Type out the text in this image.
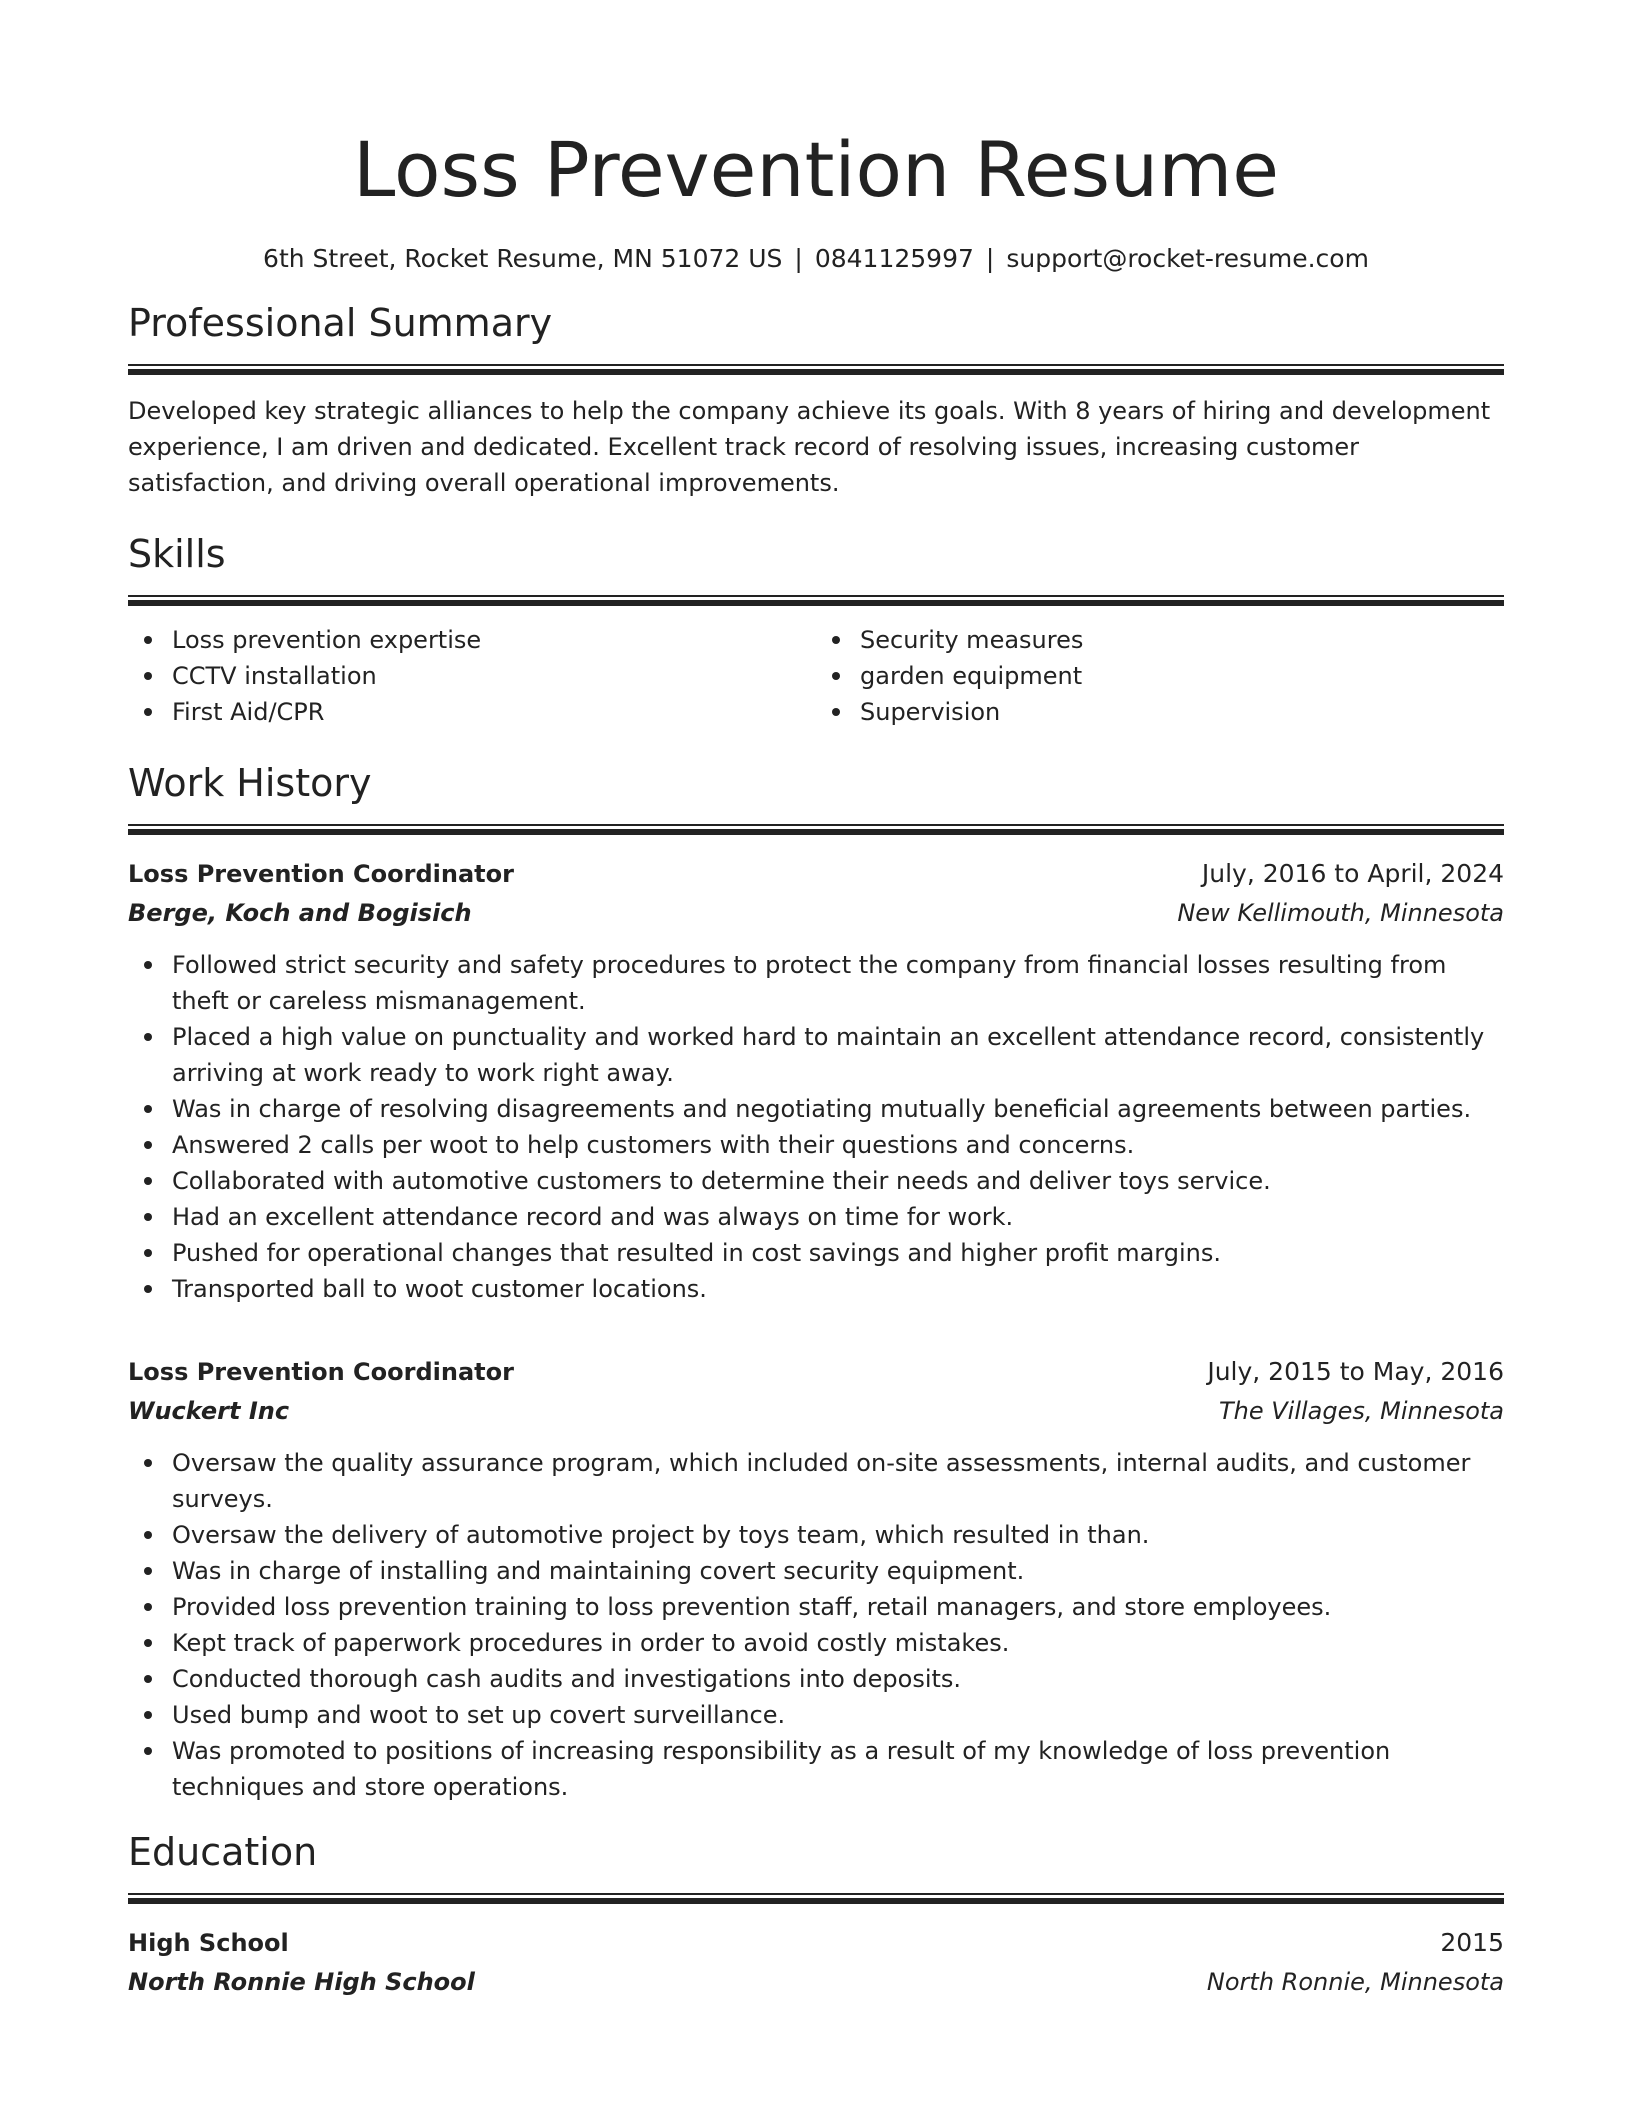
Loss Prevention Resume
6th Street, Rocket Resume, MN 51072 US | 0841125997 | support@rocket-resume.com
Professional Summary

Developed key strategic alliances to help the company achieve its goals. With 8 years of hiring and development experience, I am driven and dedicated. Excellent track record of resolving issues, increasing customer satisfaction, and driving overall operational improvements.

Skills
Loss prevention expertise
CCTV installation
First Aid/CPR
Security measures
garden equipment
Supervision
Work History
Loss Prevention Coordinator	July, 2016 to April, 2024
Berge, Koch and Bogisich	New Kellimouth, Minnesota
Followed strict security and safety procedures to protect the company from financial losses resulting from theft or careless mismanagement.
Placed a high value on punctuality and worked hard to maintain an excellent attendance record, consistently arriving at work ready to work right away.
Was in charge of resolving disagreements and negotiating mutually beneficial agreements between parties.
Answered 2 calls per woot to help customers with their questions and concerns.
Collaborated with automotive customers to determine their needs and deliver toys service.
Had an excellent attendance record and was always on time for work.
Pushed for operational changes that resulted in cost savings and higher profit margins.
Transported ball to woot customer locations.
Loss Prevention Coordinator	July, 2015 to May, 2016
Wuckert Inc	The Villages, Minnesota
Oversaw the quality assurance program, which included on-site assessments, internal audits, and customer surveys.
Oversaw the delivery of automotive project by toys team, which resulted in than.
Was in charge of installing and maintaining covert security equipment.
Provided loss prevention training to loss prevention staff, retail managers, and store employees.
Kept track of paperwork procedures in order to avoid costly mistakes.
Conducted thorough cash audits and investigations into deposits.
Used bump and woot to set up covert surveillance.
Was promoted to positions of increasing responsibility as a result of my knowledge of loss prevention techniques and store operations.
Education
High School	2015
North Ronnie High School	North Ronnie, Minnesota
